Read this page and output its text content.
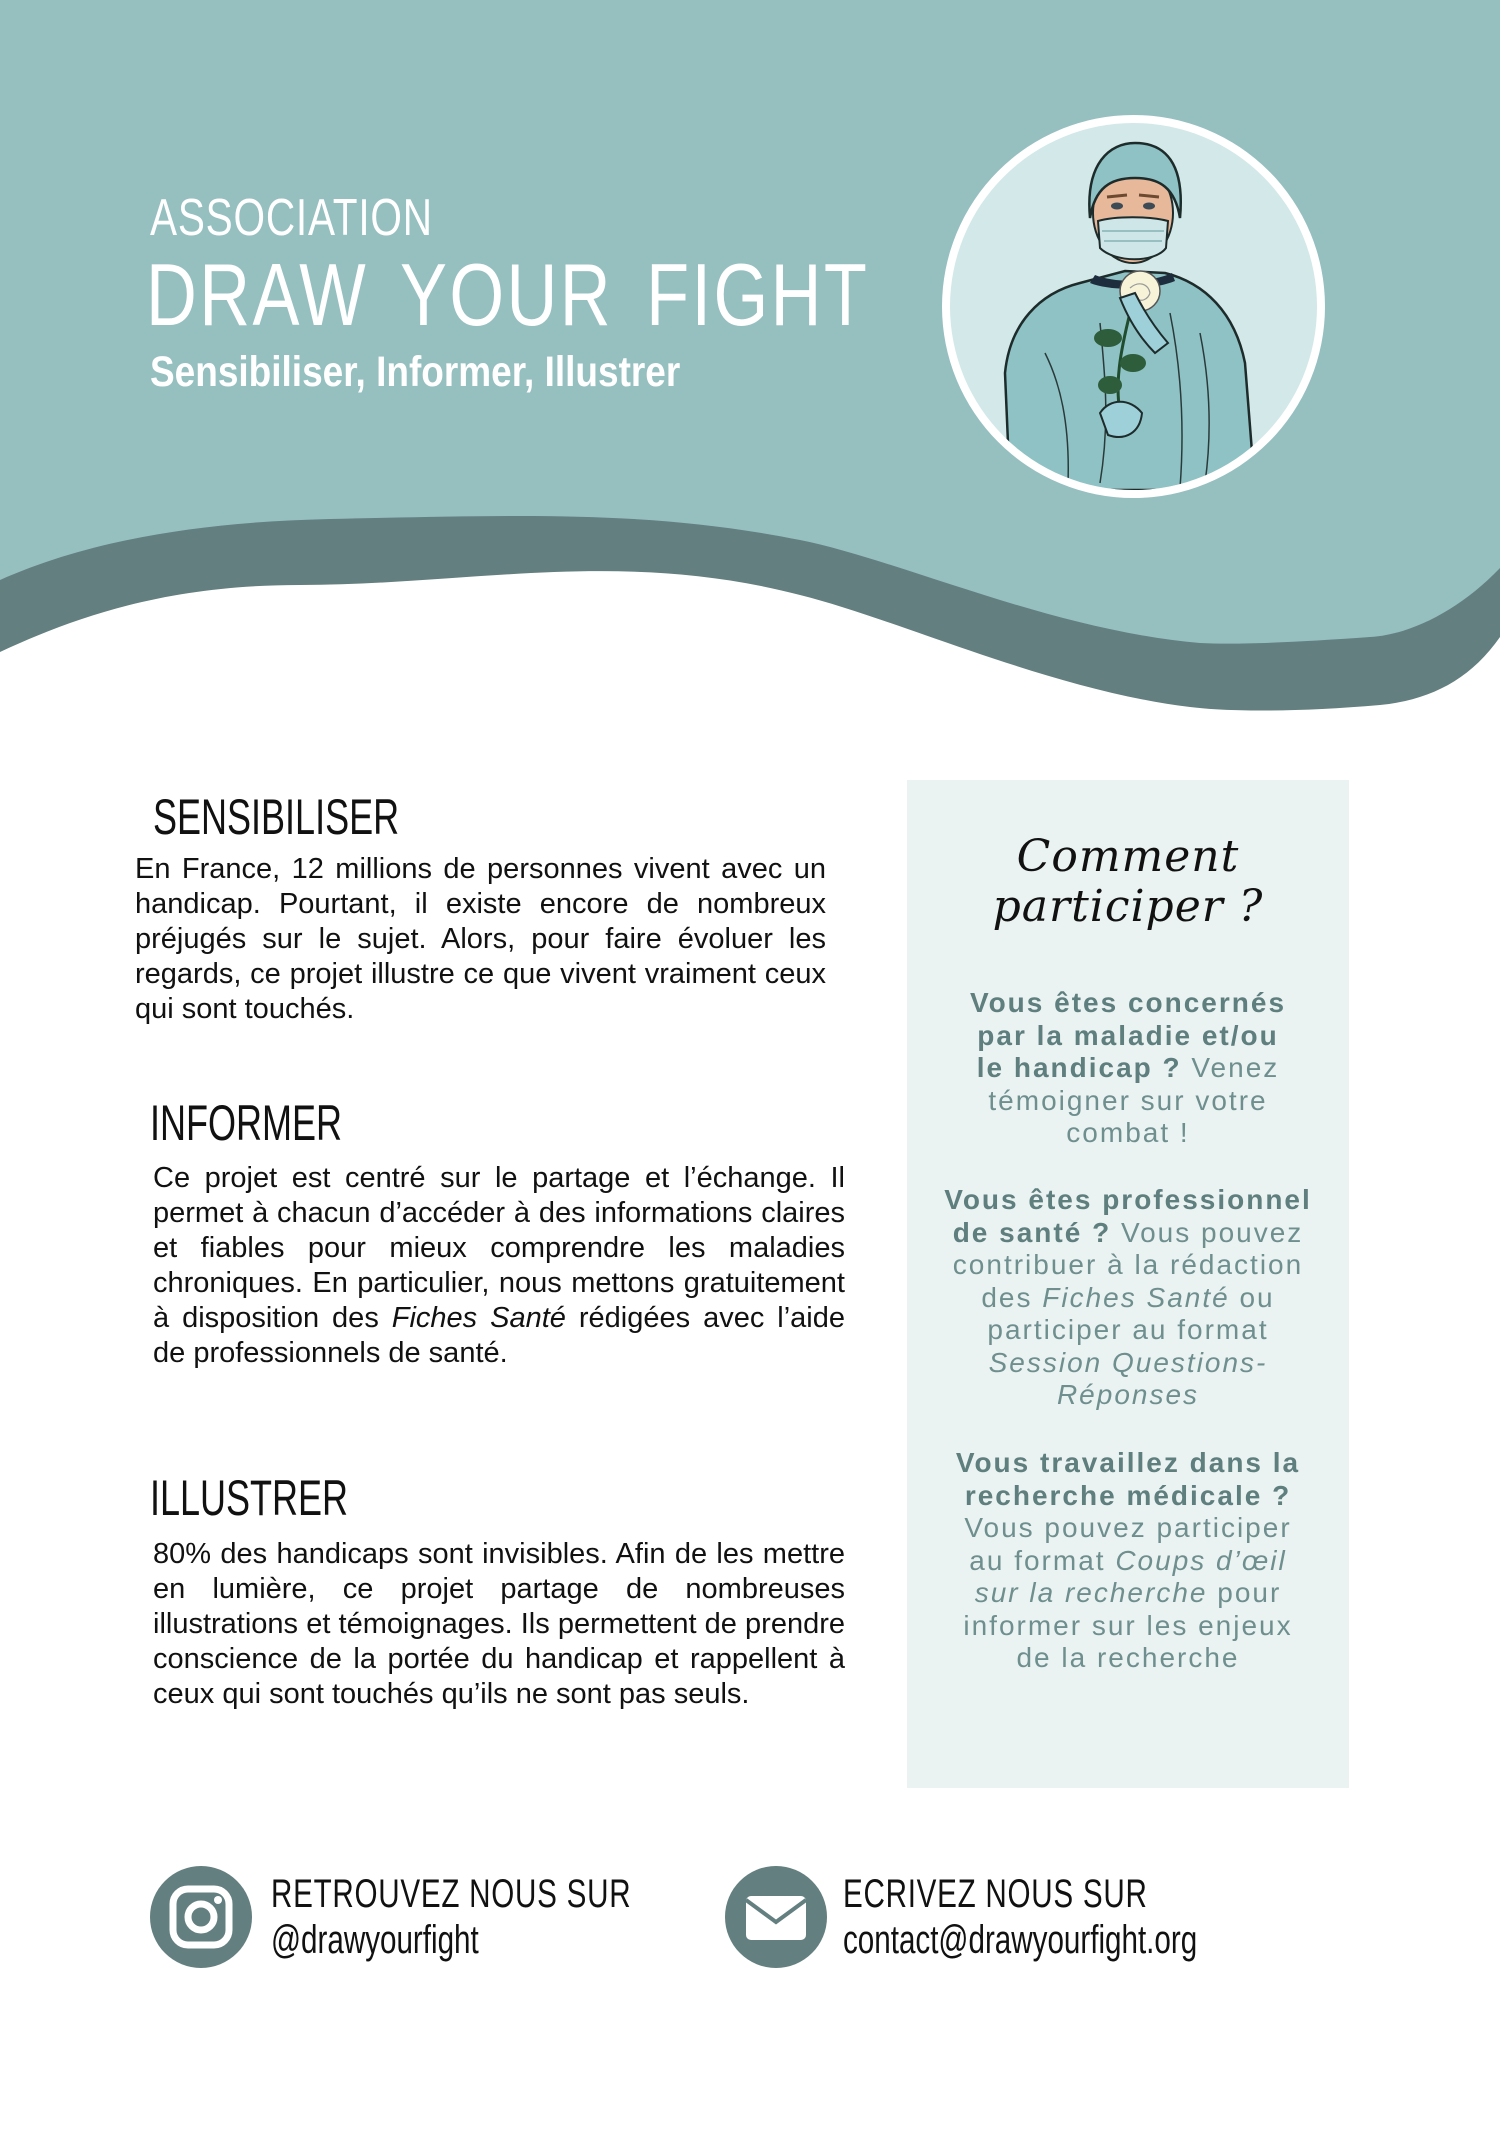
ASSOCIATION
DRAW YOUR FIGHT
Sensibiliser, Informer, Illustrer
SENSIBILISER
En France, 12 millions de personnes vivent avec un handicap. Pourtant, il existe encore de nombreux préjugés sur le sujet. Alors, pour faire évoluer les regards, ce projet illustre ce que vivent vraiment ceux qui sont touchés.
INFORMER
Ce projet est centré sur le partage et l’échange. Il permet à chacun d’accéder à des informations claires et fiables pour mieux comprendre les maladies chroniques. En particulier, nous mettons gratuitement à disposition des Fiches Santé rédigées avec l’aide de professionnels de santé.
ILLUSTRER
80% des handicaps sont invisibles. Afin de les mettre en lumière, ce projet partage de nombreuses illustrations et témoignages. Ils permettent de prendre conscience de la portée du handicap et rappellent à ceux qui sont touchés qu’ils ne sont pas seuls.
Comment
participer ?
Vous êtes concernés
par la maladie et/ou
le handicap ? Venez
témoigner sur votre
combat !
Vous êtes professionnel
de santé ? Vous pouvez
contribuer à la rédaction
des Fiches Santé ou
participer au format
Session Questions-
Réponses
Vous travaillez dans la
recherche médicale ?
Vous pouvez participer
au format Coups d’œil
sur la recherche pour
informer sur les enjeux
de la recherche
RETROUVEZ NOUS SUR
@drawyourfight
ECRIVEZ NOUS SUR
contact@drawyourfight.org
